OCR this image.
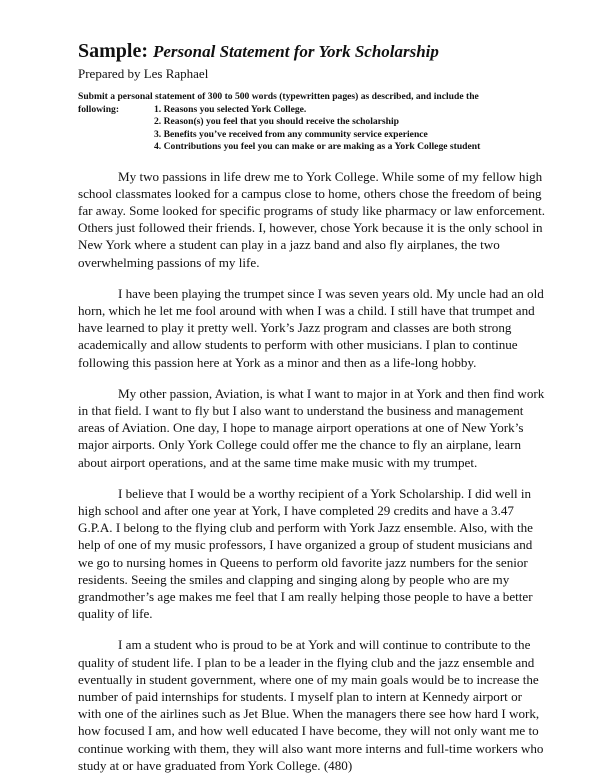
Sample: Personal Statement for York Scholarship
Prepared by Les Raphael
Submit a personal statement of 300 to 500 words (typewritten pages) as described, and include the
following:	1. Reasons you selected York College.
2. Reason(s) you feel that you should receive the scholarship
3. Benefits you’ve received from any community service experience
4. Contributions you feel you can make or are making as a York College student
My two passions in life drew me to York College. While some of my fellow high
school classmates looked for a campus close to home, others chose the freedom of being
far away. Some looked for specific programs of study like pharmacy or law enforcement.
Others just followed their friends. I, however, chose York because it is the only school in
New York where a student can play in a jazz band and also fly airplanes, the two
overwhelming passions of my life.
I have been playing the trumpet since I was seven years old. My uncle had an old
horn, which he let me fool around with when I was a child. I still have that trumpet and
have learned to play it pretty well. York’s Jazz program and classes are both strong
academically and allow students to perform with other musicians. I plan to continue
following this passion here at York as a minor and then as a life-long hobby.
My other passion, Aviation, is what I want to major in at York and then find work
in that field. I want to fly but I also want to understand the business and management
areas of Aviation. One day, I hope to manage airport operations at one of New York’s
major airports. Only York College could offer me the chance to fly an airplane, learn
about airport operations, and at the same time make music with my trumpet.
I believe that I would be a worthy recipient of a York Scholarship. I did well in
high school and after one year at York, I have completed 29 credits and have a 3.47
G.P.A. I belong to the flying club and perform with York Jazz ensemble. Also, with the
help of one of my music professors, I have organized a group of student musicians and
we go to nursing homes in Queens to perform old favorite jazz numbers for the senior
residents. Seeing the smiles and clapping and singing along by people who are my
grandmother’s age makes me feel that I am really helping those people to have a better
quality of life.
I am a student who is proud to be at York and will continue to contribute to the
quality of student life. I plan to be a leader in the flying club and the jazz ensemble and
eventually in student government, where one of my main goals would be to increase the
number of paid internships for students. I myself plan to intern at Kennedy airport or
with one of the airlines such as Jet Blue. When the managers there see how hard I work,
how focused I am, and how well educated I have become, they will not only want me to
continue working with them, they will also want more interns and full-time workers who
study at or have graduated from York College. (480)
